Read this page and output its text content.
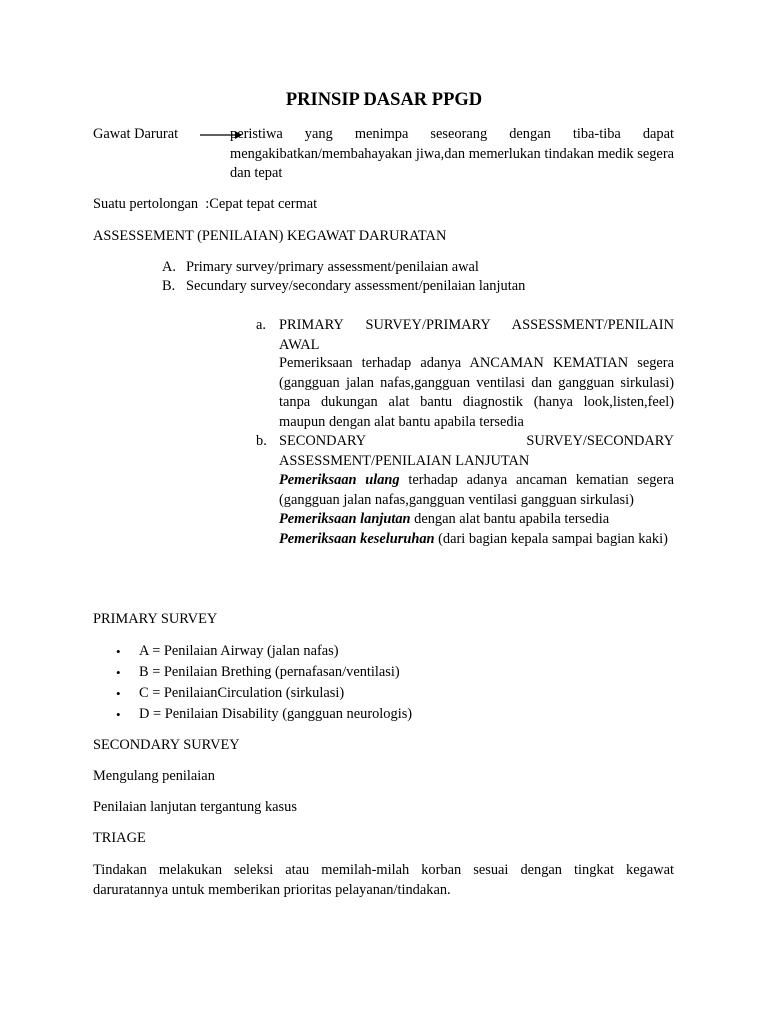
PRINSIP DASAR PPGD
Gawat Darurat	peristiwa yang menimpa seseorang dengan tiba-tiba dapat mengakibatkan/membahayakan jiwa,dan memerlukan tindakan medik segera dan tepat
Suatu pertolongan  :Cepat tepat cermat
ASSESSEMENT (PENILAIAN) KEGAWAT DARURATAN
A. Primary survey/primary assessment/penilaian awal
B. Secundary survey/secondary assessment/penilaian lanjutan
a. PRIMARY SURVEY/PRIMARY ASSESSMENT/PENILAIN AWAL
Pemeriksaan terhadap adanya ANCAMAN KEMATIAN segera (gangguan jalan nafas,gangguan ventilasi dan gangguan sirkulasi) tanpa dukungan alat bantu diagnostik (hanya look,listen,feel) maupun dengan alat bantu apabila tersedia
b. SECONDARY SURVEY/SECONDARY ASSESSMENT/PENILAIAN LANJUTAN
Pemeriksaan ulang terhadap adanya ancaman kematian segera (gangguan jalan nafas,gangguan ventilasi gangguan sirkulasi)
Pemeriksaan lanjutan dengan alat bantu apabila tersedia
Pemeriksaan keseluruhan (dari bagian kepala sampai bagian kaki)
PRIMARY SURVEY
• A = Penilaian Airway (jalan nafas)
• B = Penilaian Brething (pernafasan/ventilasi)
• C = PenilaianCirculation (sirkulasi)
• D = Penilaian Disability (gangguan neurologis)
SECONDARY SURVEY
Mengulang penilaian
Penilaian lanjutan tergantung kasus
TRIAGE
Tindakan melakukan seleksi atau memilah-milah korban sesuai dengan tingkat kegawat daruratannya untuk memberikan prioritas pelayanan/tindakan.
